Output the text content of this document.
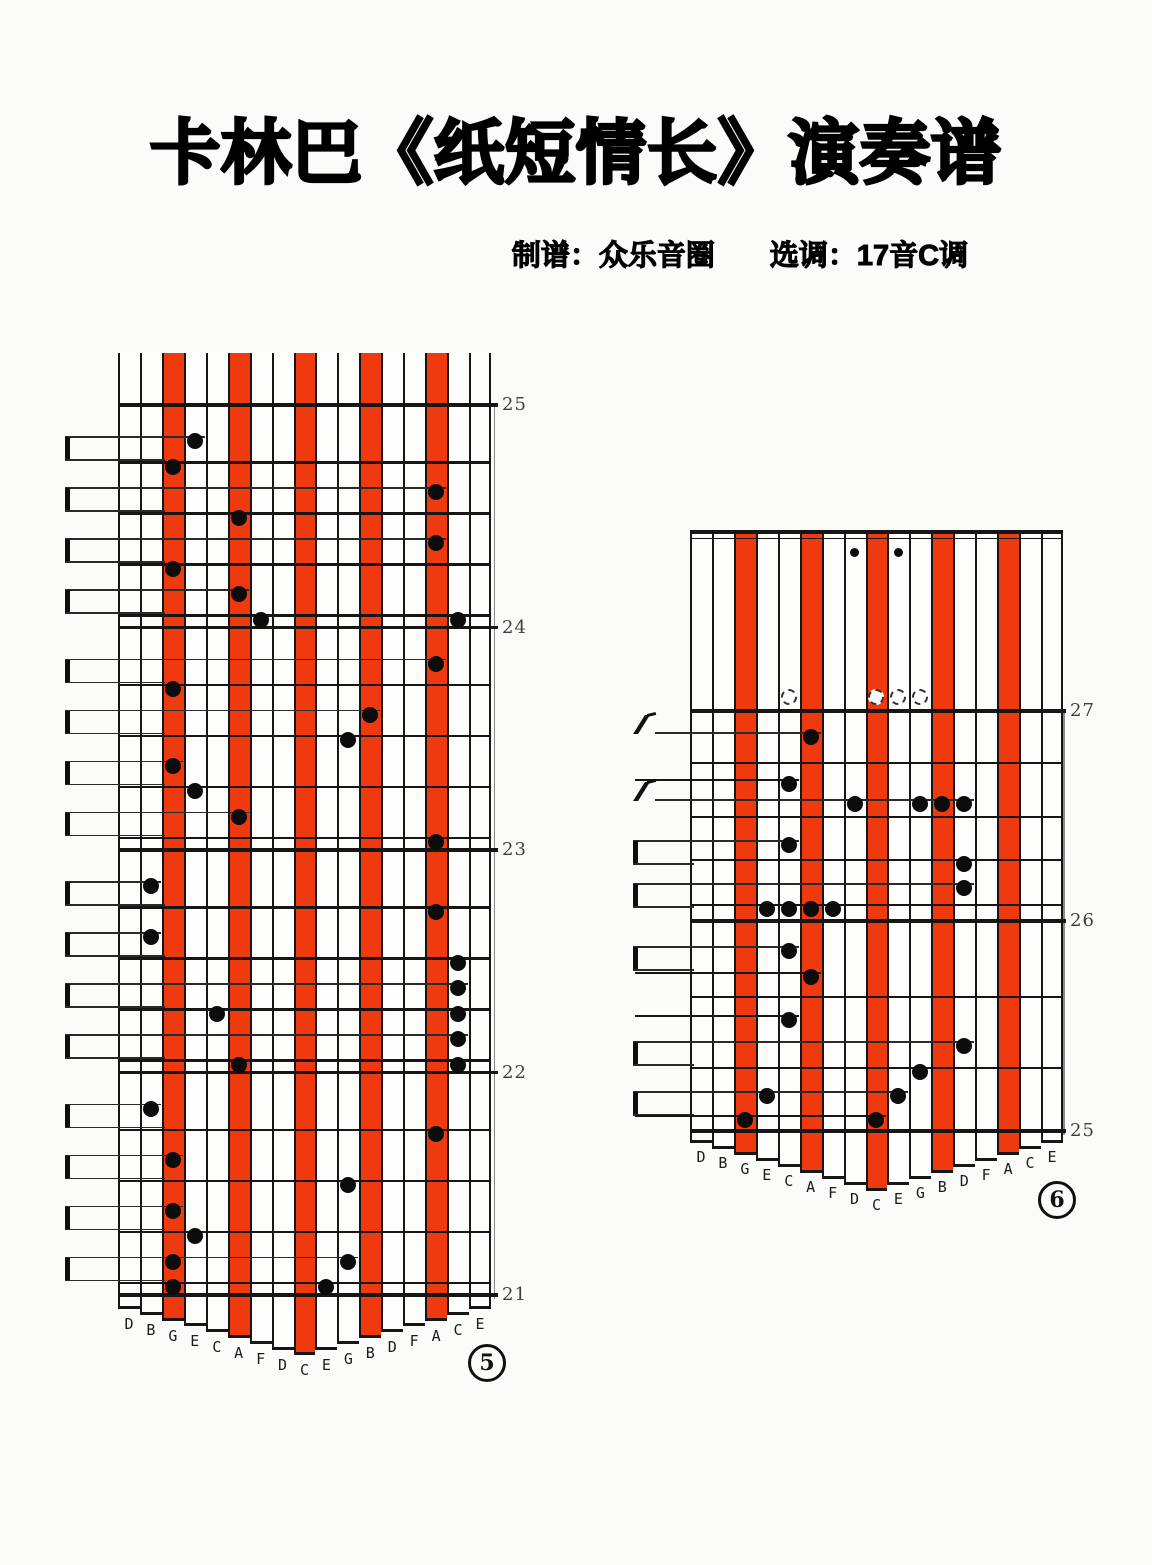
卡林巴《纸短情长》演奏谱
制谱：众乐音圈 选调：17音C调
25
24
23
22
21
D B G E C A F D C E G B D F A C E
5
27
26
25
D B G E C A F D C E G B D F A C E
6
